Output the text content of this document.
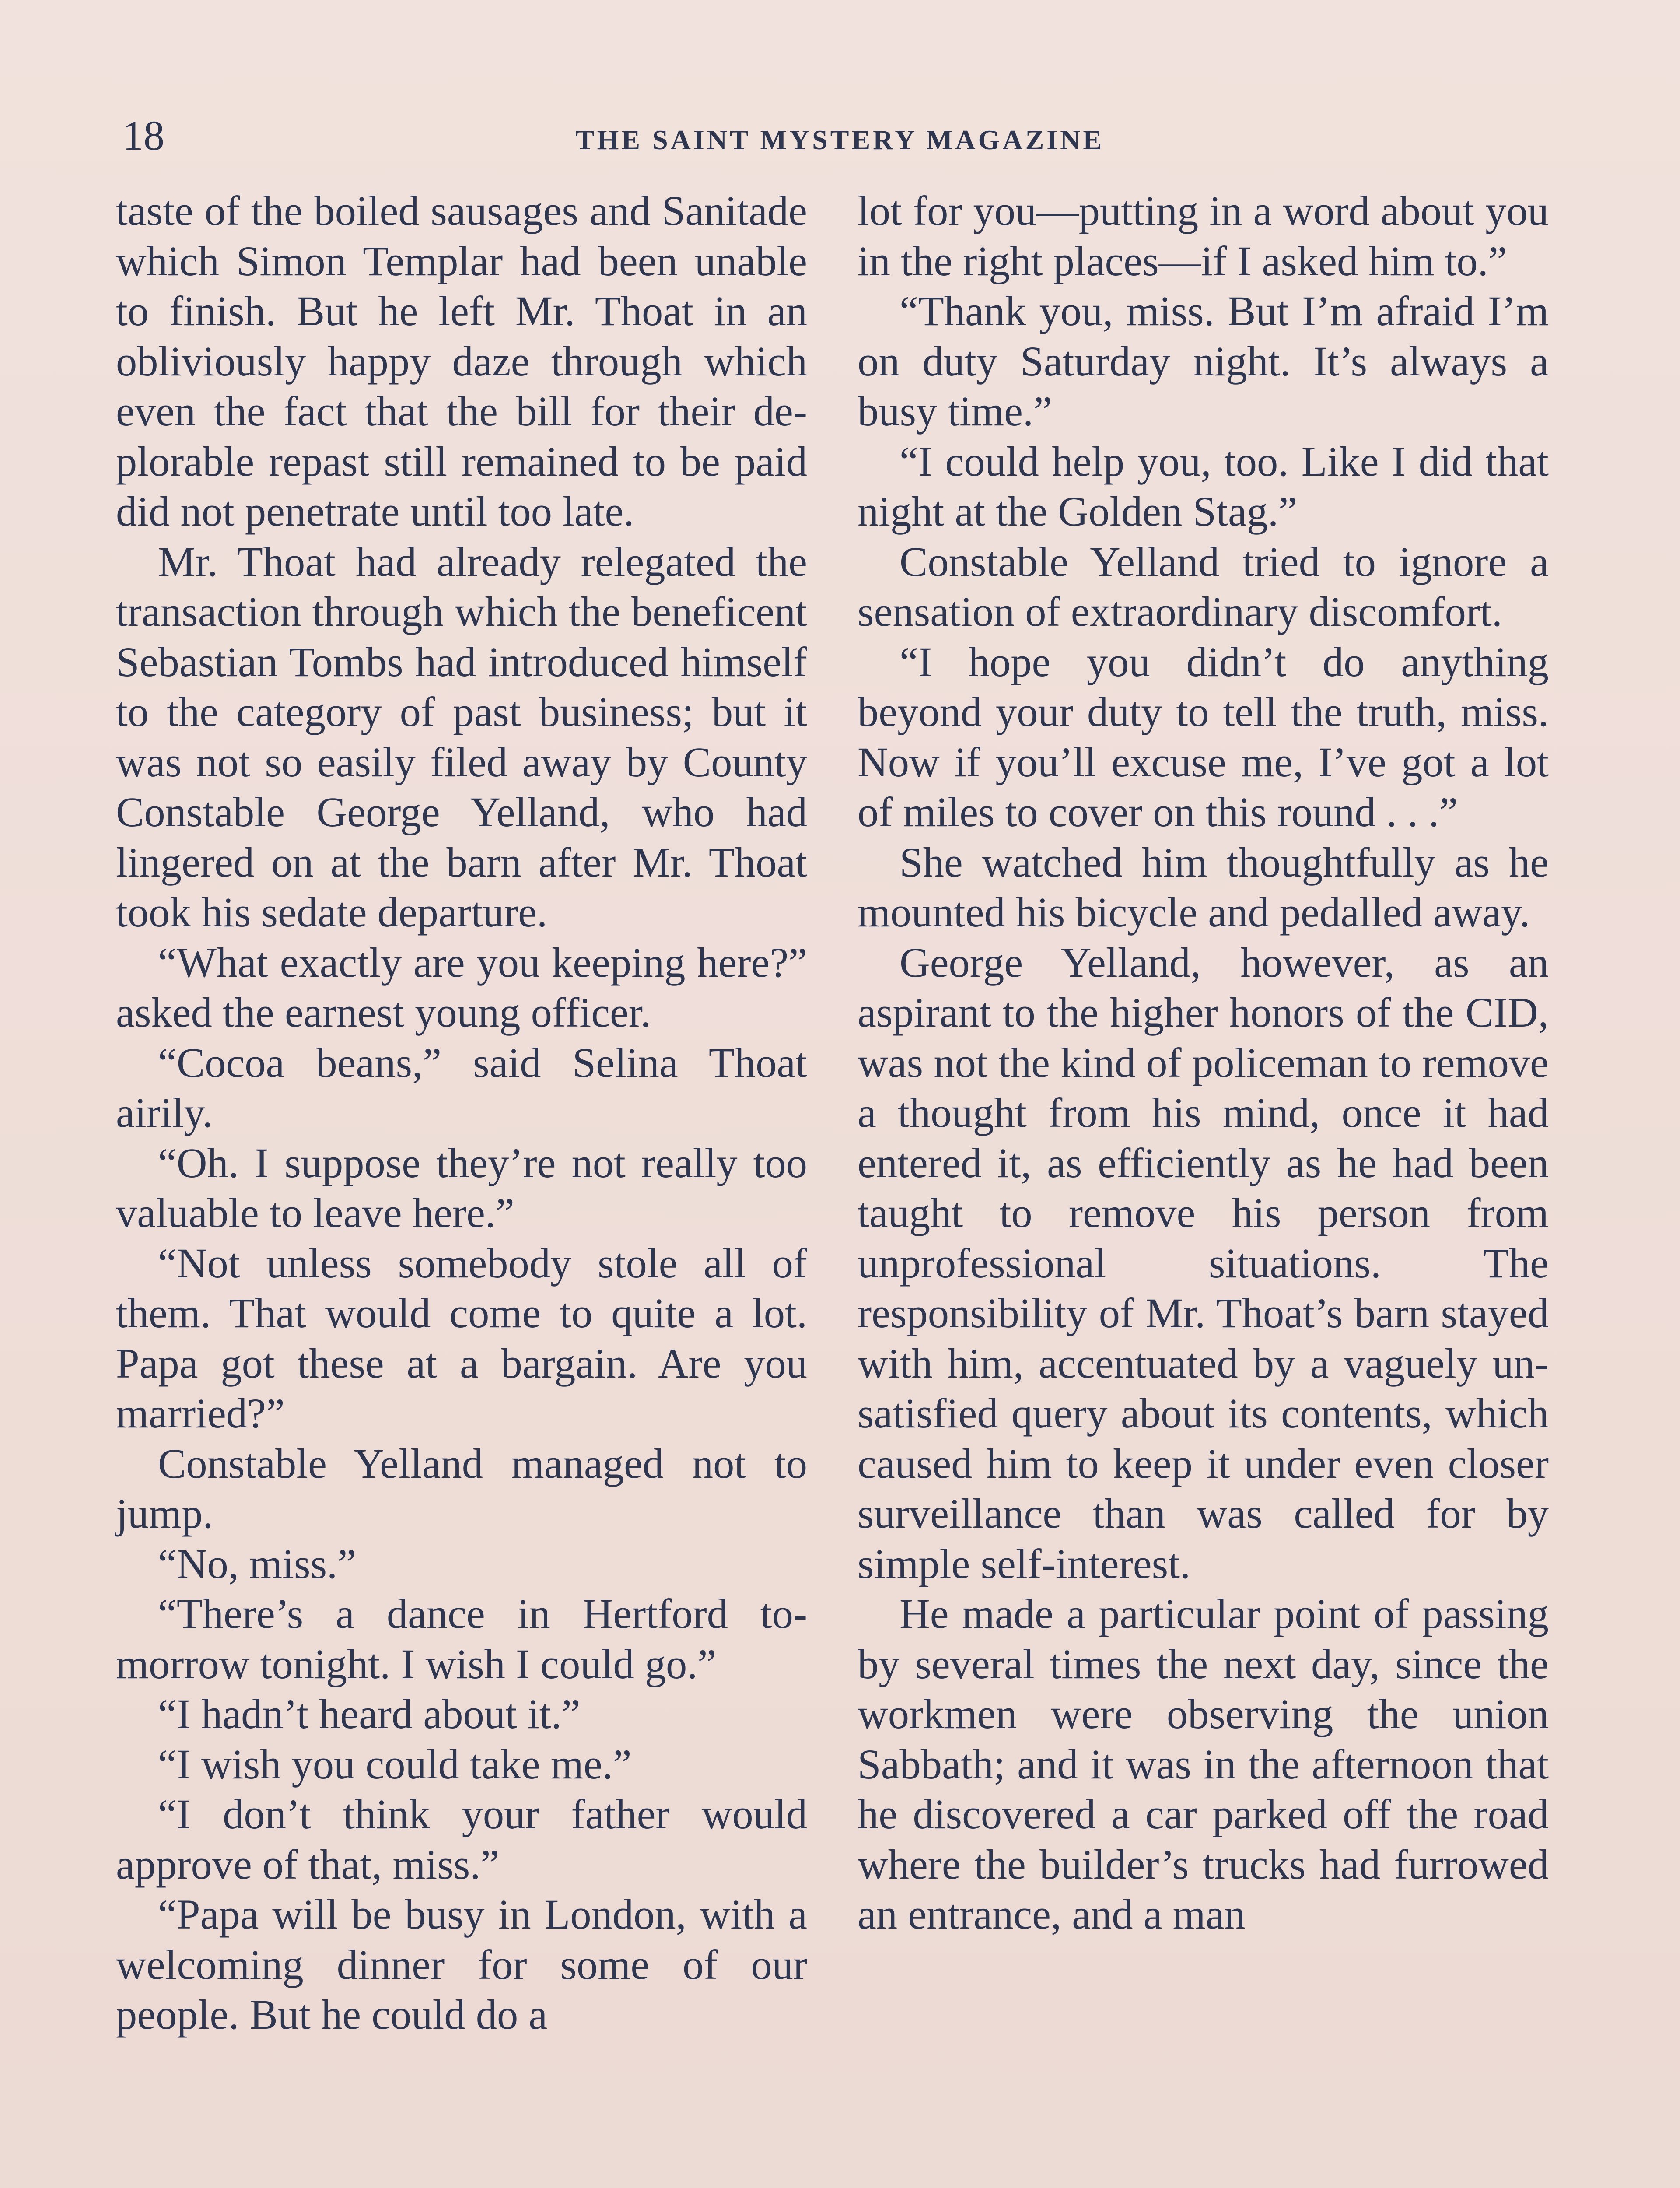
18	THE SAINT MYSTERY MAGAZINE

taste of the boiled sausages and Sanitade which Simon Templar had been unable to finish. But he left Mr. Thoat in an obliviously happy daze through which even the fact that the bill for their deplorable repast still remained to be paid did not penetrate until too late.

Mr. Thoat had already relegated the transaction through which the beneficent Sebastian Tombs had introduced himself to the category of past business; but it was not so easily filed away by County Constable George Yelland, who had lingered on at the barn after Mr. Thoat took his sedate departure.

“What exactly are you keeping here?” asked the earnest young officer.

“Cocoa beans,” said Selina Thoat airily.

“Oh. I suppose they’re not really too valuable to leave here.”

“Not unless somebody stole all of them. That would come to quite a lot. Papa got these at a bargain. Are you married?”

Constable Yelland managed not to jump.

“No, miss.”

“There’s a dance in Hertford tomorrow tonight. I wish I could go.”

“I hadn’t heard about it.”

“I wish you could take me.”

“I don’t think your father would approve of that, miss.”

“Papa will be busy in London, with a welcoming dinner for some of our people. But he could do a

lot for you—putting in a word about you in the right places—if I asked him to.”

“Thank you, miss. But I’m afraid I’m on duty Saturday night. It’s always a busy time.”

“I could help you, too. Like I did that night at the Golden Stag.”

Constable Yelland tried to ignore a sensation of extraordinary discomfort.

“I hope you didn’t do anything beyond your duty to tell the truth, miss. Now if you’ll excuse me, I’ve got a lot of miles to cover on this round . . .”

She watched him thoughtfully as he mounted his bicycle and pedalled away.

George Yelland, however, as an aspirant to the higher honors of the CID, was not the kind of policeman to remove a thought from his mind, once it had entered it, as efficiently as he had been taught to remove his person from unprofessional situations. The responsibility of Mr. Thoat’s barn stayed with him, accentuated by a vaguely unsatisfied query about its contents, which caused him to keep it under even closer surveillance than was called for by simple self-interest.

He made a particular point of passing by several times the next day, since the workmen were observing the union Sabbath; and it was in the afternoon that he discovered a car parked off the road where the builder’s trucks had furrowed an entrance, and a man
